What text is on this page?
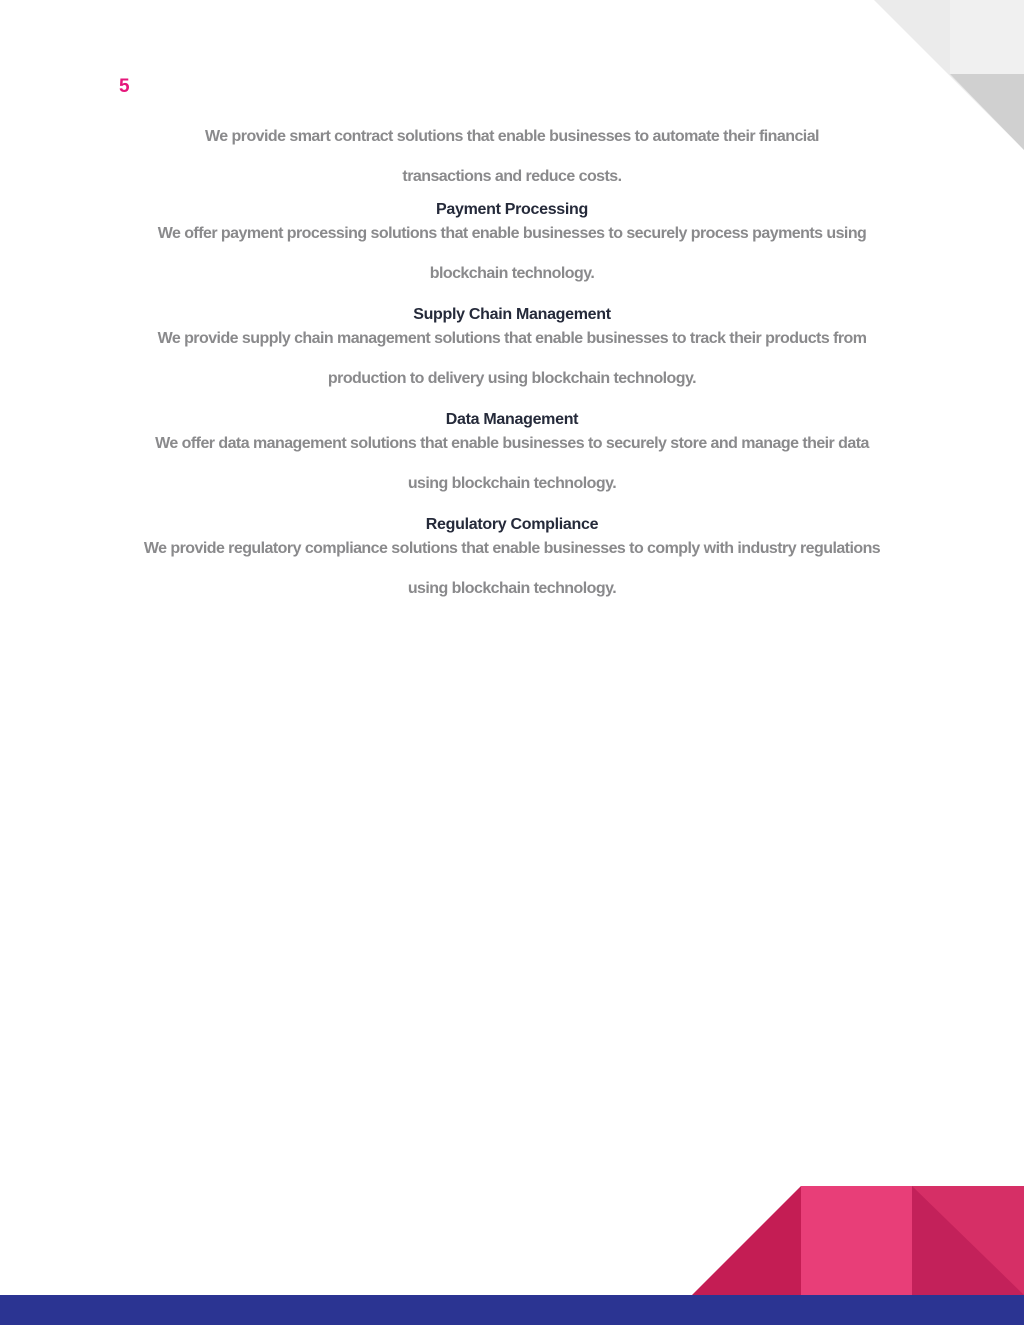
5

We provide smart contract solutions that enable businesses to automate their financial

transactions and reduce costs.

Payment Processing

We offer payment processing solutions that enable businesses to securely process payments using

blockchain technology.

Supply Chain Management

We provide supply chain management solutions that enable businesses to track their products from

production to delivery using blockchain technology.

Data Management

We offer data management solutions that enable businesses to securely store and manage their data

using blockchain technology.

Regulatory Compliance

We provide regulatory compliance solutions that enable businesses to comply with industry regulations

using blockchain technology.
